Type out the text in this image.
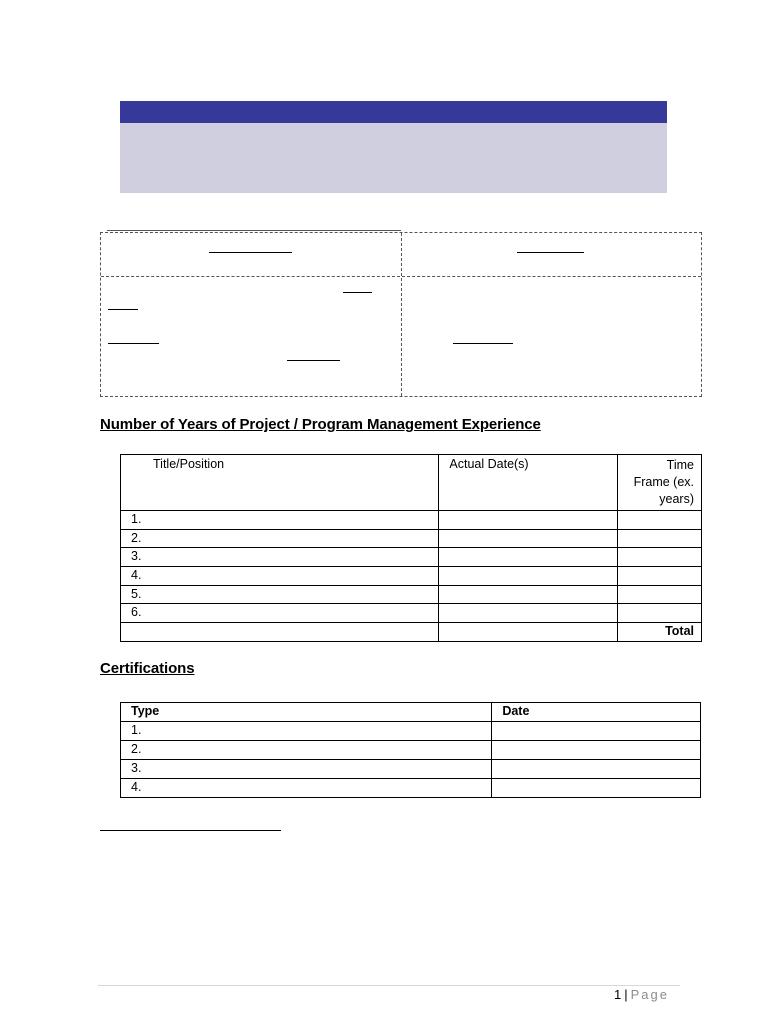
Number of Years of Project / Program Management Experience
Title/Position	Actual Date(s)	Time Frame (ex. years)
1.		
2.		
3.		
4.		
5.		
6.		
		Total
Certifications
Type	Date
1.	
2.	
3.	
4.	
1 | Page
